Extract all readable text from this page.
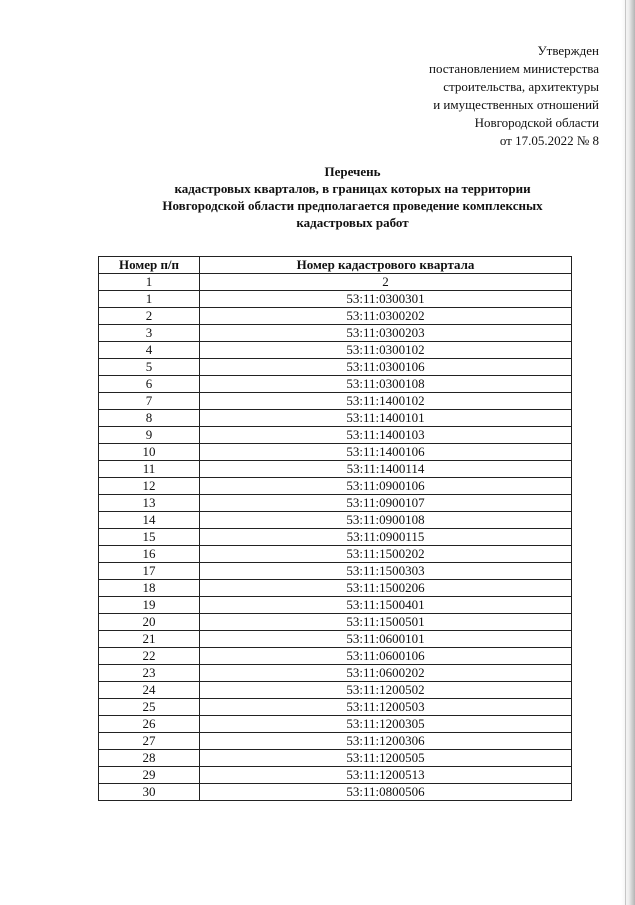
Утвержден
постановлением министерства
строительства, архитектуры
и имущественных отношений
Новгородской области
от 17.05.2022 № 8
Перечень
кадастровых кварталов, в границах которых на территории
Новгородской области предполагается проведение комплексных
кадастровых работ
Номер п/п	Номер кадастрового квартала
1	2
1	53:11:0300301
2	53:11:0300202
3	53:11:0300203
4	53:11:0300102
5	53:11:0300106
6	53:11:0300108
7	53:11:1400102
8	53:11:1400101
9	53:11:1400103
10	53:11:1400106
11	53:11:1400114
12	53:11:0900106
13	53:11:0900107
14	53:11:0900108
15	53:11:0900115
16	53:11:1500202
17	53:11:1500303
18	53:11:1500206
19	53:11:1500401
20	53:11:1500501
21	53:11:0600101
22	53:11:0600106
23	53:11:0600202
24	53:11:1200502
25	53:11:1200503
26	53:11:1200305
27	53:11:1200306
28	53:11:1200505
29	53:11:1200513
30	53:11:0800506
